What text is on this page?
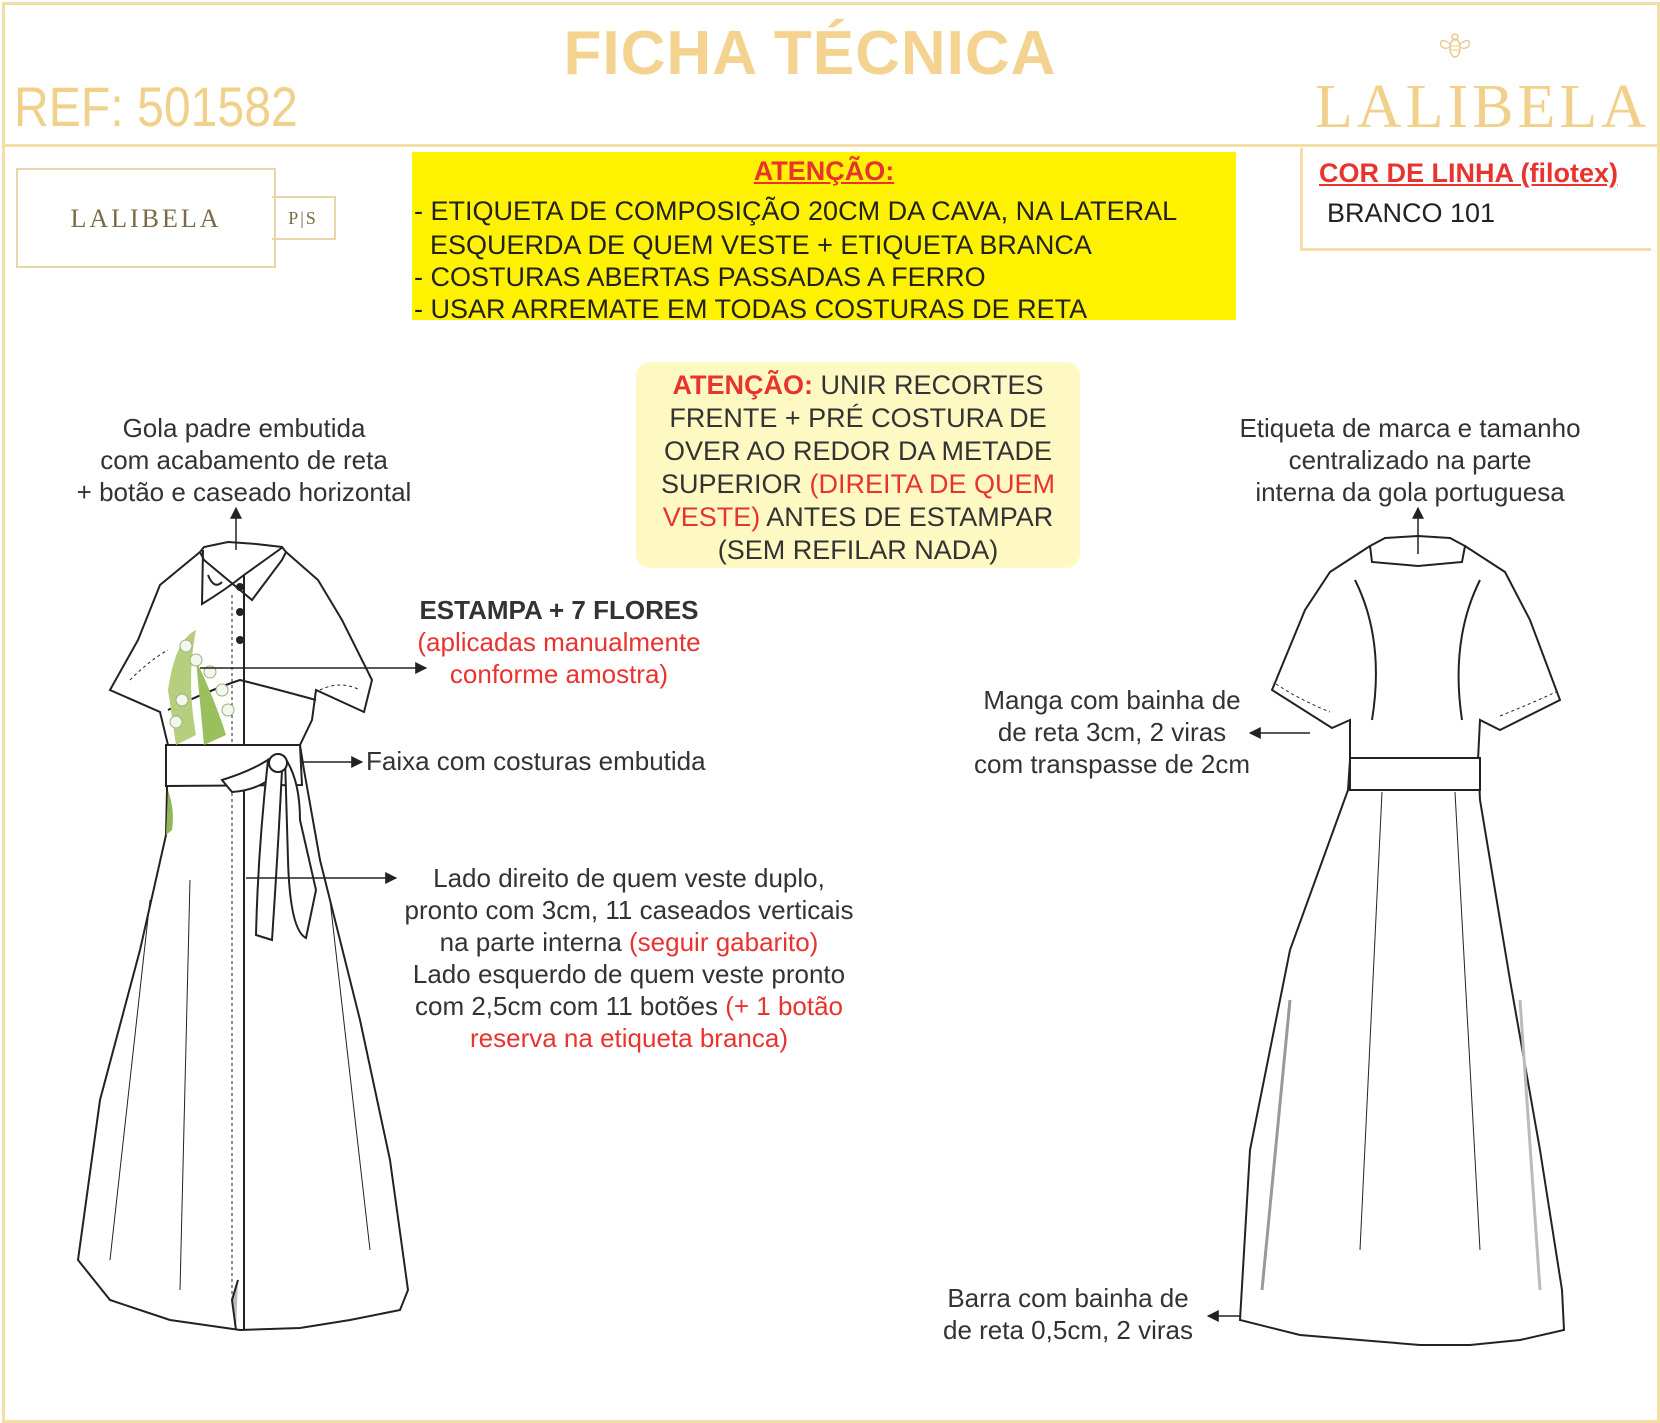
FICHA TÉCNICA
REF: 501582	LALIBELA
LALIBELA	P|S
ATENÇÃO:
- ETIQUETA DE COMPOSIÇÃO 20CM DA CAVA, NA LATERAL
ESQUERDA DE QUEM VESTE + ETIQUETA BRANCA
- COSTURAS ABERTAS PASSADAS A FERRO
- USAR ARREMATE EM TODAS COSTURAS DE RETA
COR DE LINHA (filotex)
BRANCO 101
ATENÇÃO: UNIR RECORTES
FRENTE + PRÉ COSTURA DE
OVER AO REDOR DA METADE
SUPERIOR (DIREITA DE QUEM
VESTE) ANTES DE ESTAMPAR
(SEM REFILAR NADA)
Gola padre embutida
com acabamento de reta
+ botão e caseado horizontal
ESTAMPA + 7 FLORES
(aplicadas manualmente
conforme amostra)
Faixa com costuras embutida
Lado direito de quem veste duplo,
pronto com 3cm, 11 caseados verticais
na parte interna (seguir gabarito)
Lado esquerdo de quem veste pronto
com 2,5cm com 11 botões (+ 1 botão
reserva na etiqueta branca)
Etiqueta de marca e tamanho
centralizado na parte
interna da gola portuguesa
Manga com bainha de
de reta 3cm, 2 viras
com transpasse de 2cm
Barra com bainha de
de reta 0,5cm, 2 viras
